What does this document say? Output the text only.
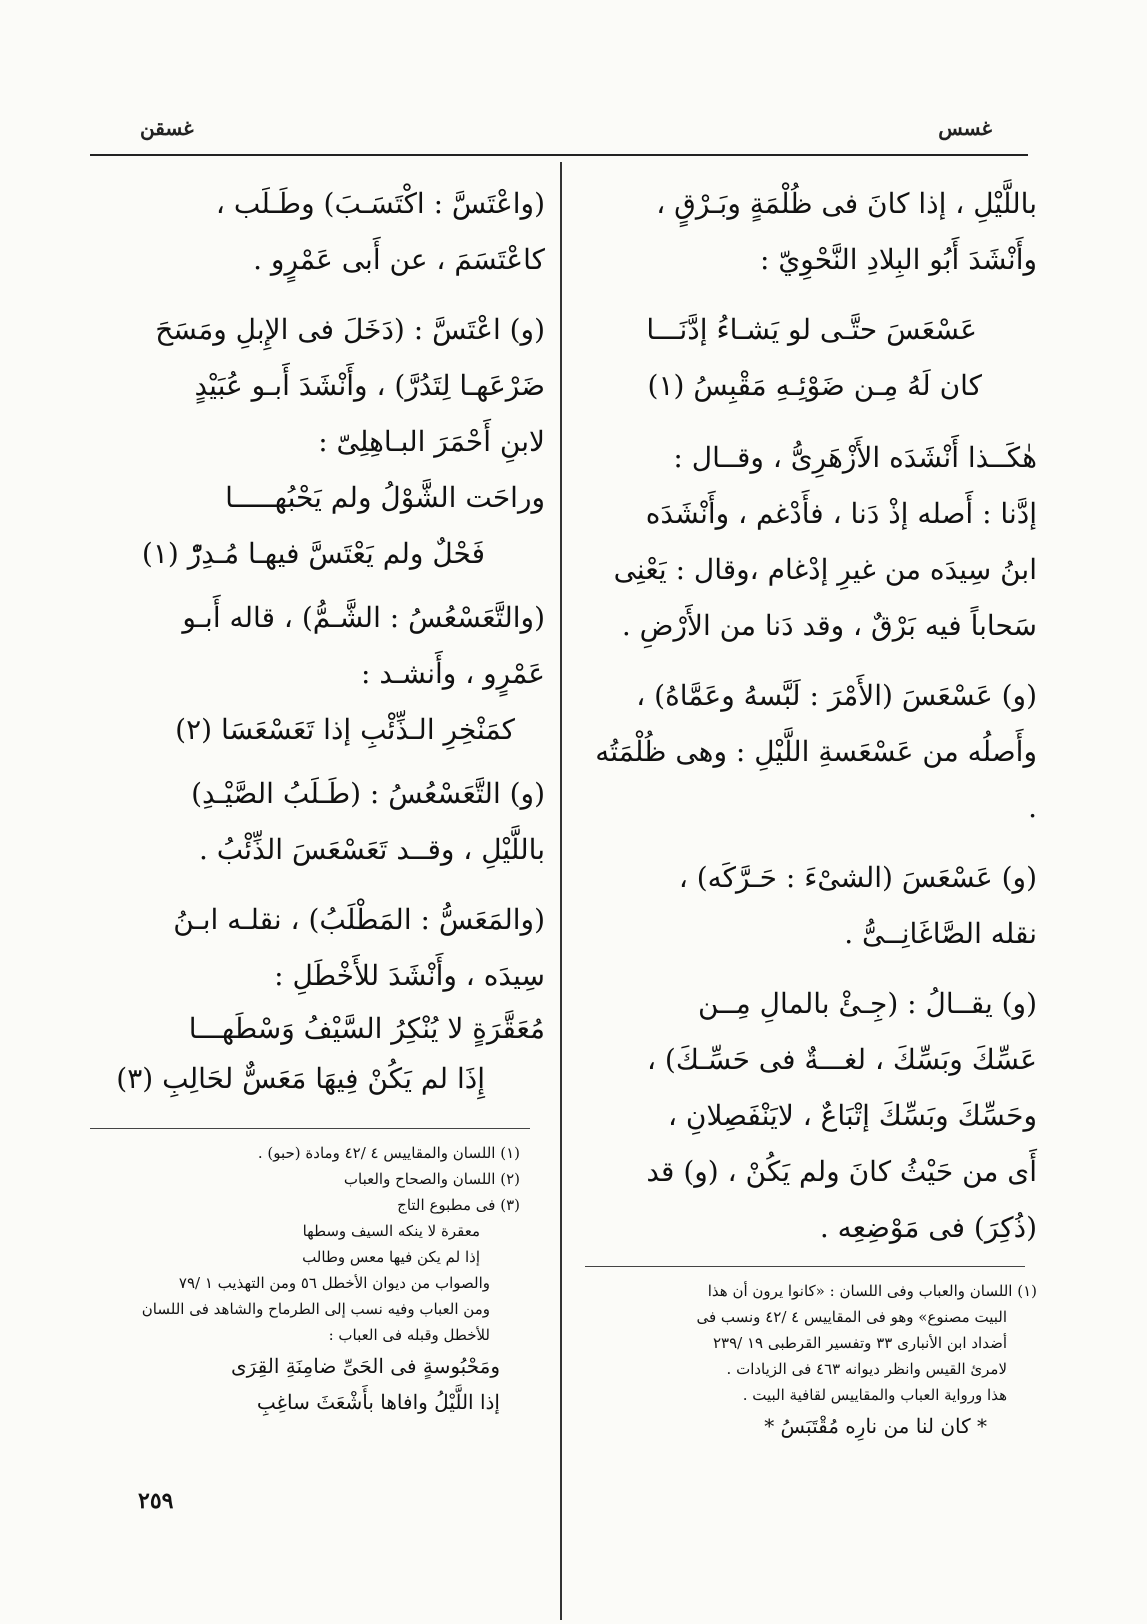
غسس
غسقن

باللَّيْلِ ، إذا كانَ فى ظُلْمَةٍ وبَـرْقٍ ،
وأَنْشَدَ أَبُو البِلادِ النَّحْوِيّ :

عَسْعَسَ حتَّـى لو يَشـاءُ إدَّنَـــا

كان لَهُ مِـن ضَوْئِـهِ مَقْبِسُ (١)

هٰكَــذا أَنْشَدَه الأَزْهَرِىُّ ، وقــال :
إدَّنا : أَصله إذْ دَنا ، فأَدْغم ، وأَنْشَدَه
ابنُ سِيدَه من غيرِ إدْغام ،وقال : يَعْنِى
سَحاباً فيه بَرْقٌ ، وقد دَنا من الأَرْضِ .

(و) عَسْعَسَ (الأَمْرَ : لَبَّسهُ وعَمَّاهُ) ،
وأَصلُه من عَسْعَسةِ اللَّيْلِ : وهى ظُلْمَتُه .

(و) عَسْعَسَ (الشىْءَ : حَـرَّكَه) ،
نقله الصَّاغَانِــىُّ .

(و) يقــالُ : (جِـئْ بالمالِ مِــن
عَسِّكَ وبَسِّكَ ، لغـــةٌ فى حَسِّـكَ) ،
وحَسِّكَ وبَسِّكَ إتْبَاعٌ ، لايَنْفَصِلانِ ،
أَى من حَيْثُ كانَ ولم يَكُنْ ، (و) قد
(ذُكِرَ) فى مَوْضِعِه .

(واعْتَسَّ : اكْتَسَـبَ) وطَـلَب ،
كاعْتَسَمَ ، عن أَبى عَمْرٍو .

(و) اعْتَسَّ : (دَخَلَ فى الإِبلِ ومَسَحَ
ضَرْعَهـا لِتَدُرَّ) ، وأَنْشَدَ أَبـو عُبَيْدٍ
لابنِ أَحْمَرَ البـاهِلِىّ :

وراحَت الشَّوْلُ ولم يَحْبُهـــــا

فَحْلٌ ولم يَعْتَسَّ فيهـا مُـدِرّْ (١)

(والتَّعَسْعُسُ : الشَّـمُّ) ، قاله أَبـو
عَمْرٍو ، وأَنشـد :

كمَنْخِرِ الـذِّئْبِ إذا تَعَسْعَسَا (٢)

(و) التَّعَسْعُسُ : (طَـلَبُ الصَّيْـدِ)
باللَّيْلِ ، وقــد تَعَسْعَسَ الذِّئْبُ .

(والمَعَسُّ : المَطْلَبُ) ، نقلـه ابـنُ
سِيدَه ، وأَنْشَدَ للأَخْطَلِ :

مُعَقَّرَةٍ لا يُنْكِرُ السَّيْفُ وَسْطَهـــا

إِذَا لم يَكُنْ فِيهَا مَعَسٌّ لحَالِبِ (٣)

(١) اللسان والعباب وفى اللسان : «كانوا يرون أن هذا

البيت مصنوع» وهو فى المقاييس ٤ /٤٢ ونسب فى

أضداد ابن الأنبارى ٣٣ وتفسير القرطبى ١٩ /٢٣٩

لامرئ القيس وانظر ديوانه ٤٦٣ فى الزيادات .

هذا ورواية العباب والمقاييس لقافية البيت .

* كان لنا من نارِه مُقْتَبَسُ *

(١) اللسان والمقاييس ٤ /٤٢ ومادة (حبو) .

(٢) اللسان والصحاح والعباب

(٣) فى مطبوع التاج

معقرة لا ينكه السيف وسطها

إذا لم يكن فيها معس وطالب

والصواب من ديوان الأخطل ٥٦ ومن التهذيب ١ /٧٩

ومن العباب وفيه نسب إلى الطرماح والشاهد فى اللسان

للأخطل وقبله فى العباب :

ومَحْبُوسةٍ فى الحَىِّ ضامِنَةِ القِرَى

إذا اللَّيْلُ وافاها بأَشْعَثَ ساغِبِ

٢٥٩
